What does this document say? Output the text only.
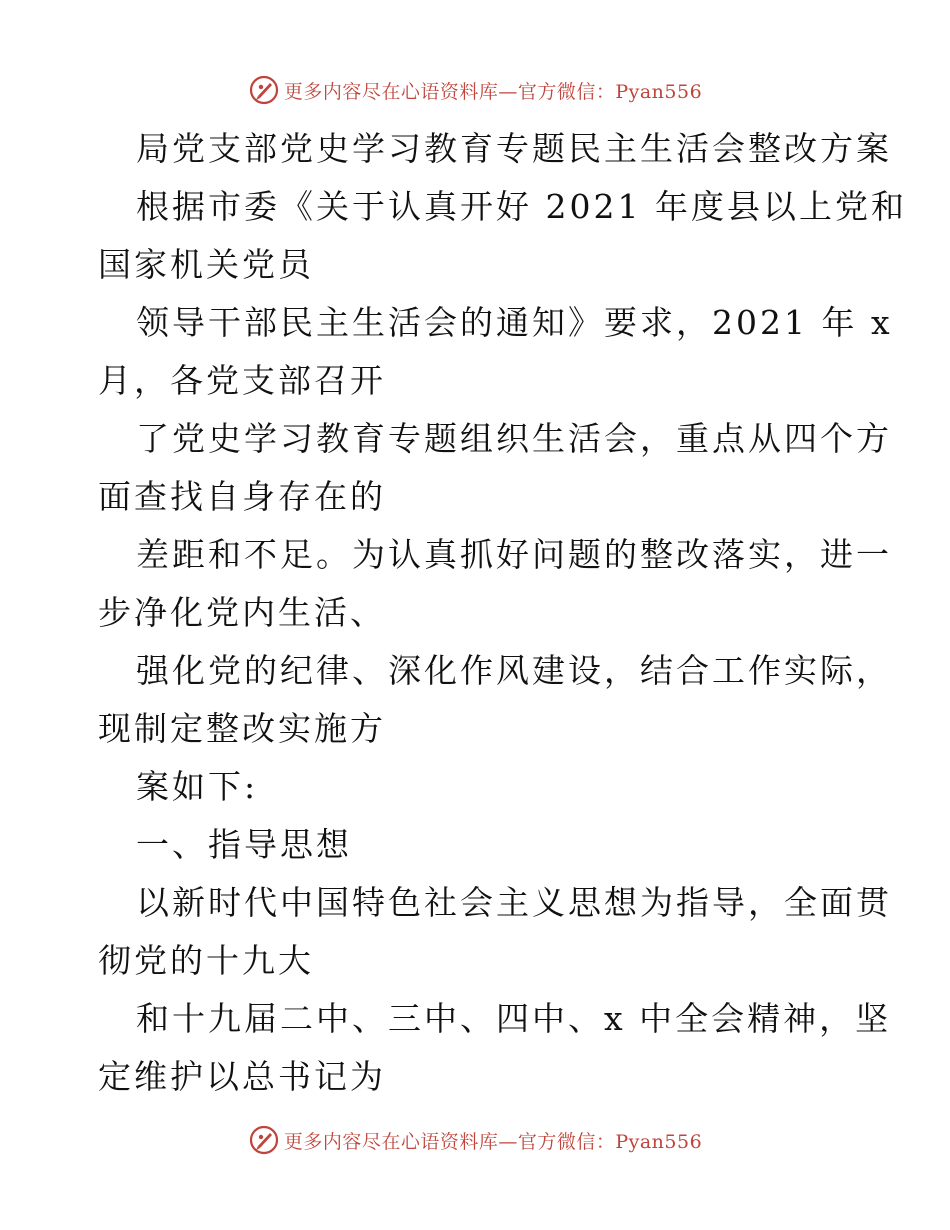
更多内容尽在心语资料库—官方微信：Pyan556
局党支部党史学习教育专题民主生活会整改方案
根据市委《关于认真开好 2021 年度县以上党和
国家机关党员
领导干部民主生活会的通知》要求，2021 年 x
月，各党支部召开
了党史学习教育专题组织生活会，重点从四个方
面查找自身存在的
差距和不足。为认真抓好问题的整改落实，进一
步净化党内生活、
强化党的纪律、深化作风建设，结合工作实际，
现制定整改实施方
案如下:
一、指导思想
以新时代中国特色社会主义思想为指导，全面贯
彻党的十九大
和十九届二中、三中、四中、x 中全会精神，坚
定维护以总书记为
更多内容尽在心语资料库—官方微信：Pyan556
